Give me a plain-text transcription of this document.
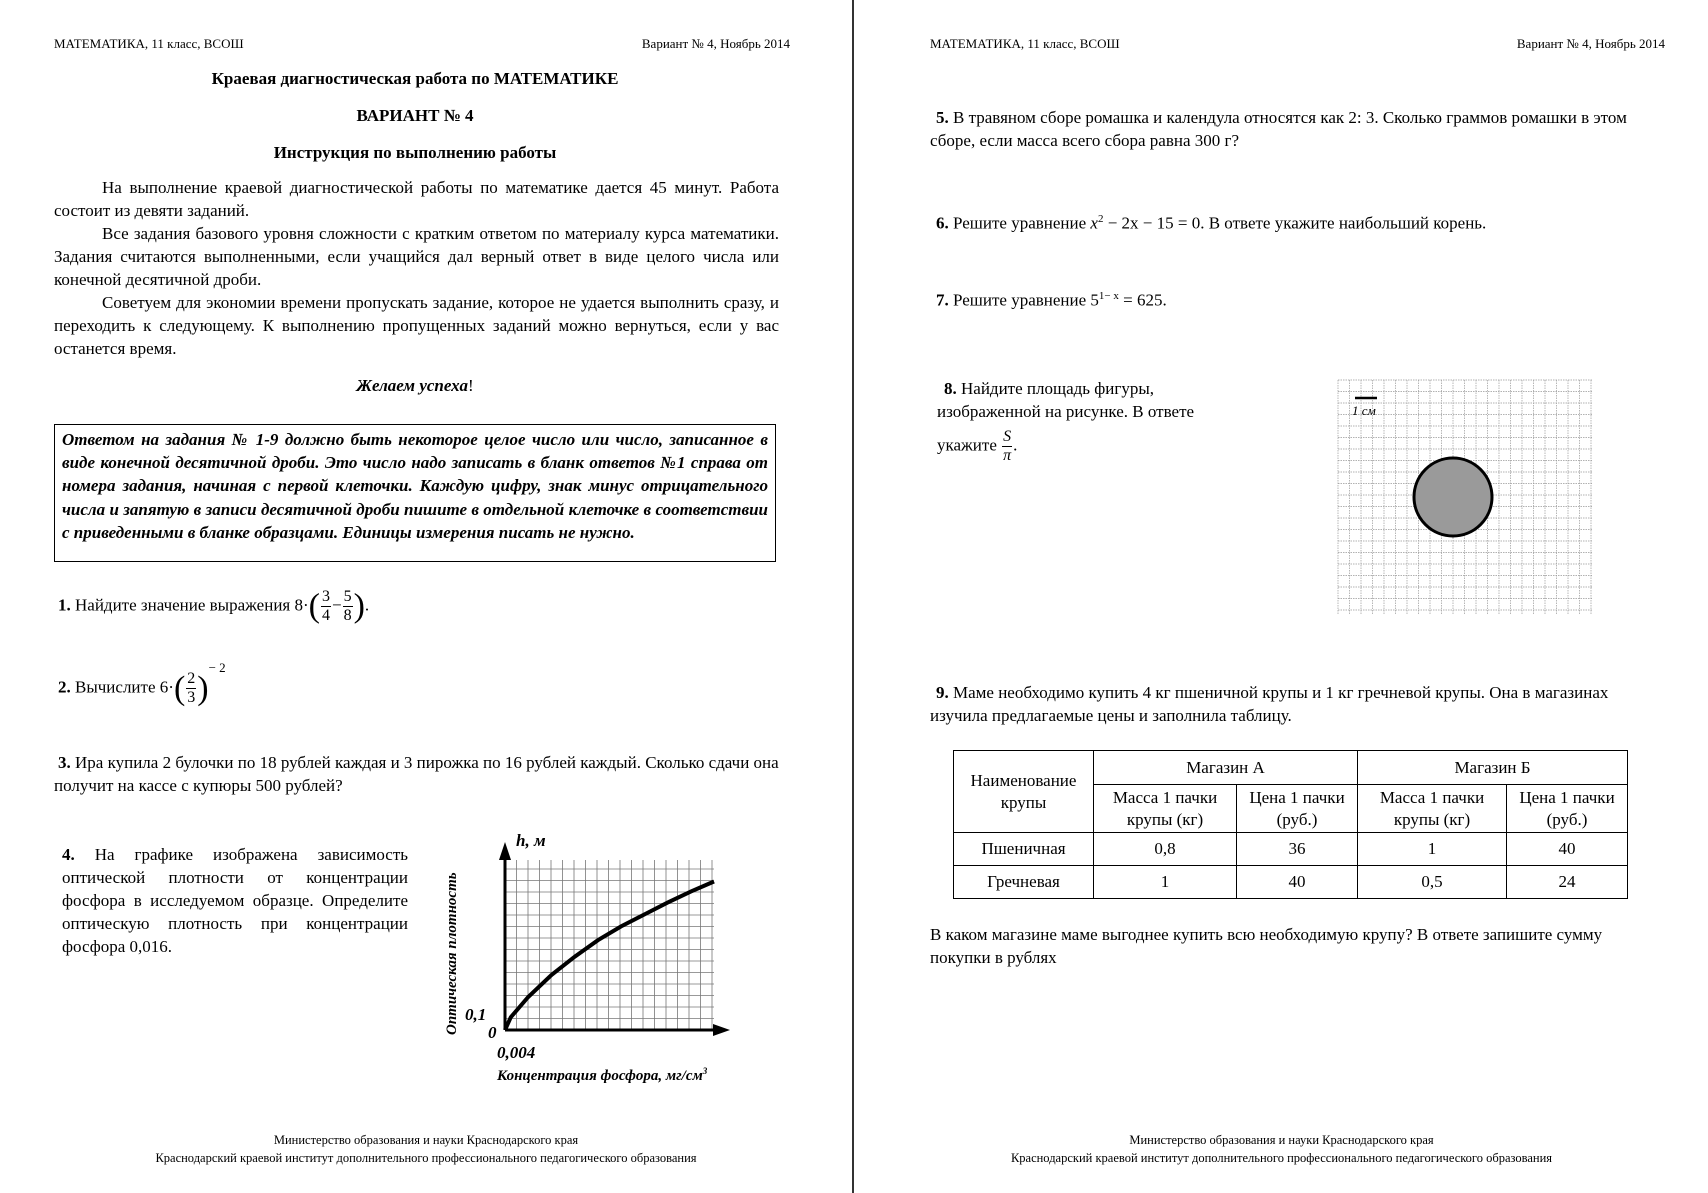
МАТЕМАТИКА, 11 класс, ВСОШ	Вариант № 4, Ноябрь 2014
Краевая диагностическая работа по МАТЕМАТИКЕ
ВАРИАНТ № 4
Инструкция по выполнению работы
На выполнение краевой диагностической работы по математике дается 45 минут. Работа состоит из девяти заданий.
Все задания базового уровня сложности с кратким ответом по материалу курса математики. Задания считаются выполненными, если учащийся дал верный ответ в виде целого числа или конечной десятичной дроби.
Советуем для экономии времени пропускать задание, которое не удается выполнить сразу, и переходить к следующему. К выполнению пропущенных заданий можно вернуться, если у вас останется время.
Желаем успеха!
Ответом на задания № 1-9 должно быть некоторое целое число или число, записанное в виде конечной десятичной дроби. Это число надо записать в бланк ответов №1 справа от номера задания, начиная с первой клеточки. Каждую цифру, знак минус отрицательного числа и запятую в записи десятичной дроби пишите в отдельной клеточке в соответствии с приведенными в бланке образцами. Единицы измерения писать не нужно.
1. Найдите значение выражения $8\cdot( \frac{3}{4} - \frac{5}{8}$ ).
2. Вычислите $6\cdot( \frac{2}{3} )^{- 2}$
3. Ира купила 2 булочки по 18 рублей каждая и 3 пирожка по 16 рублей каждый. Сколько сдачи она получит на кассе с купюры 500 рублей?
4. На графике изображена зависимость оптической плотности от концентрации фосфора в исследуемом образце. Определите оптическую плотность при концентрации фосфора 0,016.
h, м
0
0,1
0,004
Концентрация фосфора, $мг/см^3$
Оптическая плотность
Министерство образования и науки Краснодарского края
Краснодарский краевой институт дополнительного профессионального педагогического образования
МАТЕМАТИКА, 11 класс, ВСОШ	Вариант № 4, Ноябрь 2014
5. В травяном сборе ромашка и календула относятся как 2: 3. Сколько граммов ромашки в этом сборе, если масса всего сбора равна 300 г?
6. Решите уравнение $x^2 - 2x - 15 = 0$. В ответе укажите наибольший корень.
7. Решите уравнение $5^{1- x} = 625$.
8. Найдите площадь фигуры, изображенной на рисунке. В ответе
укажите $\frac{S}{\pi}$ .
1 см
9. Маме необходимо купить 4 кг пшеничной крупы и 1 кг гречневой крупы. Она в магазинах изучила предлагаемые цены и заполнила таблицу.
В каком магазине маме выгоднее купить всю необходимую крупу? В ответе запишите сумму покупки в рублях
Министерство образования и науки Краснодарского края
Краснодарский краевой институт дополнительного профессионального педагогического образования
Наименование крупы	Магазин А		Магазин Б	
	Масса 1 пачки крупы (кг)	Цена 1 пачки (руб.)	Масса 1 пачки крупы (кг)	Цена 1 пачки (руб.)
Пшеничная	0,8	36	1	40
Гречневая	1	40	0,5	24
